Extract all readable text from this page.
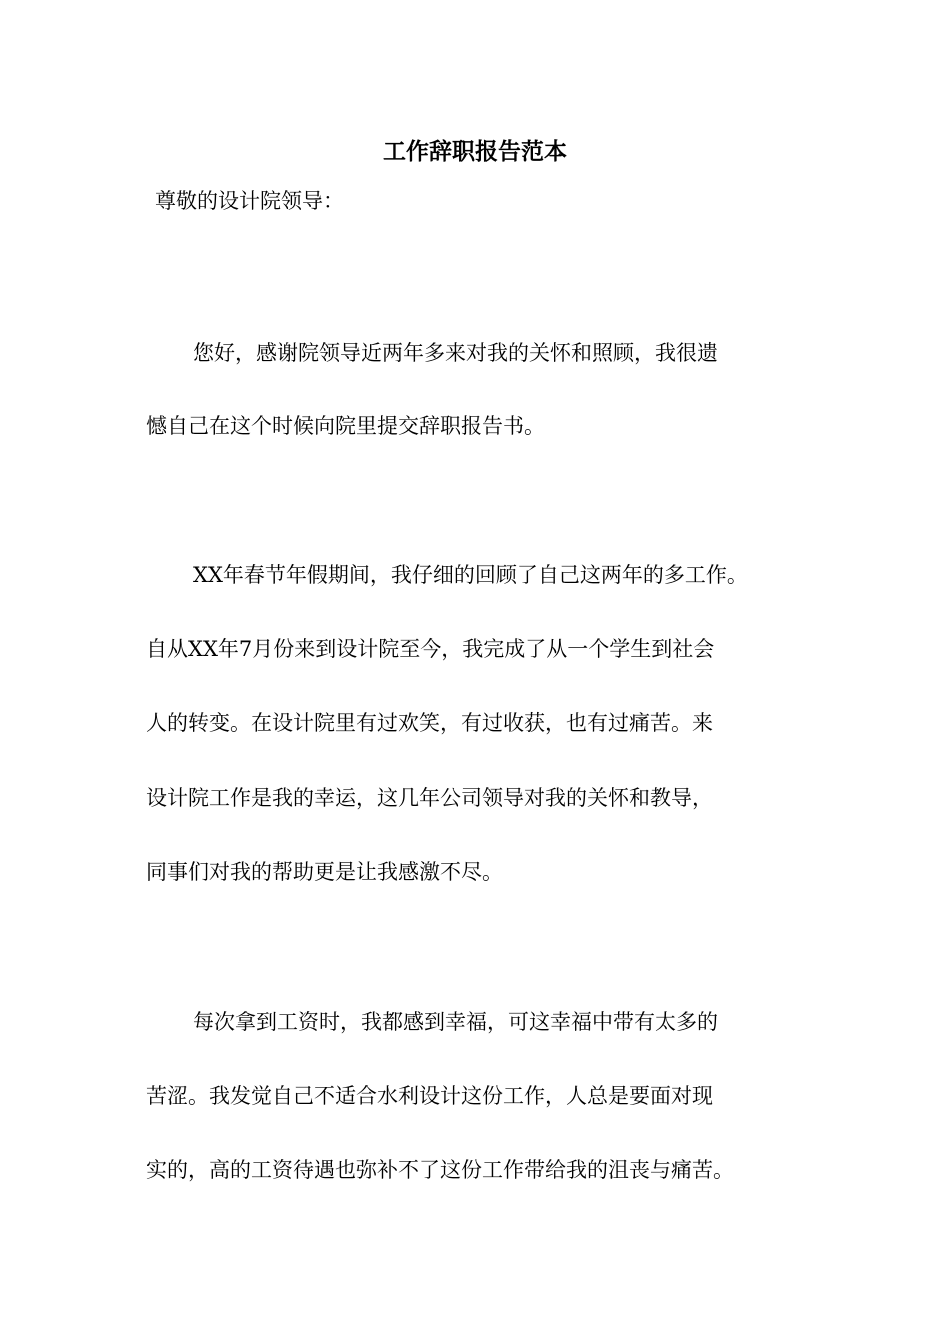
工作辞职报告范本

尊敬的设计院领导：

您好，感谢院领导近两年多来对我的关怀和照顾，我很遗

憾自己在这个时候向院里提交辞职报告书。

XX年春节年假期间，我仔细的回顾了自己这两年的多工作。

自从XX年7月份来到设计院至今，我完成了从一个学生到社会

人的转变。在设计院里有过欢笑，有过收获，也有过痛苦。来

设计院工作是我的幸运，这几年公司领导对我的关怀和教导，

同事们对我的帮助更是让我感激不尽。

每次拿到工资时，我都感到幸福，可这幸福中带有太多的

苦涩。我发觉自己不适合水利设计这份工作，人总是要面对现

实的，高的工资待遇也弥补不了这份工作带给我的沮丧与痛苦。
